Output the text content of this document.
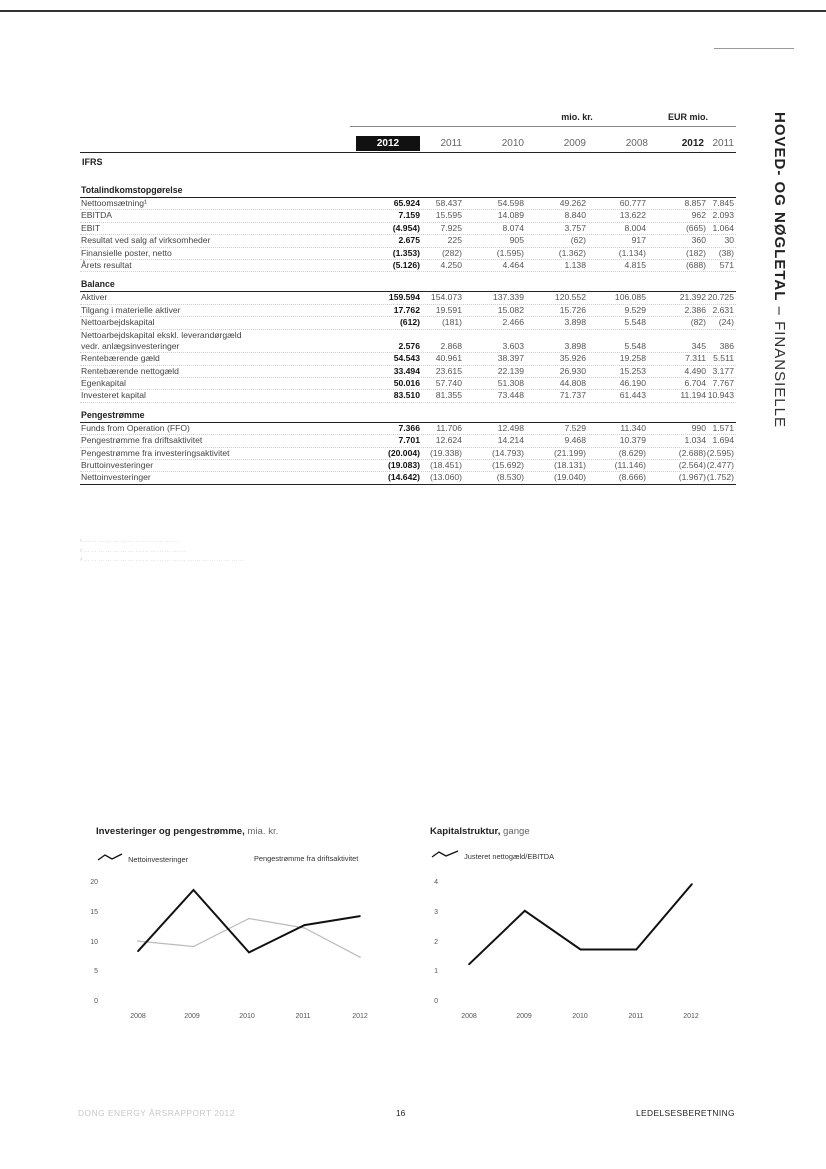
HOVED- OG NØGLETAL – FINANSIELLE
mio. kr.	EUR mio.
2012	2011	2010	2009	2008	2012 2011
IFRS
Totalindkomstopgørelse
Nettoomsætning¹	65.924	58.437	54.598	49.262	60.777	8.857 7.845
EBITDA	7.159	15.595	14.089	8.840	13.622	962 2.093
EBIT	(4.954)	7.925	8.074	3.757	8.004	(665) 1.064
Resultat ved salg af virksomheder	2.675	225	905	(62)	917	360	30
Finansielle poster, netto	(1.353)	(282)	(1.595)	(1.362)	(1.134)	(182)	(38)
Årets resultat	(5.126)	4.250	4.464	1.138	4.815	(688)	571
Balance
Aktiver	159.594	154.073	137.339	120.552	106.085	21.392 20.725
Tilgang i materielle aktiver	17.762	19.591	15.082	15.726	9.529	2.386 2.631
Nettoarbejdskapital	(612)	(181)	2.466	3.898	5.548	(82)	(24)
Nettoarbejdskapital ekskl. leverandørgæld
vedr. anlægsinvesteringer	2.576	2.868	3.603	3.898	5.548	345	386
Rentebærende gæld	54.543	40.961	38.397	35.926	19.258	7.311 5.511
Rentebærende nettogæld	33.494	23.615	22.139	26.930	15.253	4.490 3.177
Egenkapital	50.016	57.740	51.308	44.808	46.190	6.704 7.767
Investeret kapital	83.510	81.355	73.448	71.737	61.443	11.194 10.943
Pengestrømme
Funds from Operation (FFO)	7.366	11.706	12.498	7.529	11.340	990 1.571
Pengestrømme fra driftsaktivitet	7.701	12.624	14.214	9.468	10.379	1.034 1.694
Pengestrømme fra investeringsaktivitet	(20.004)	(19.338)	(14.793)	(21.199)	(8.629)	(2.688) (2.595)
Bruttoinvesteringer	(19.083)	(18.451)	(15.692)	(18.131)	(11.146)	(2.564) (2.477)
Nettoinvesteringer	(14.642)	(13.060)	(8.530)	(19.040)	(8.666)	(1.967) (1.752)
¹ ··· ··· ··· ··· ··· ··· ··· ··· ··· ··· ··· ··· ···
² ··· ··· ··· ··· ··· ··· ··· ··· ··· ··· ··· ··· ··· ···
³ ··· ··· ··· ··· ··· ··· ··· ··· ··· ··· ··· ··· ··· ··· ··· ··· ··· ··· ··· ··· ··· ···
Investeringer og pengestrømme, mia. kr.
Nettoinvesteringer	Pengestrømme fra driftsaktivitet
20
15
10
5
0
2008	2009	2010	2011	2012
Kapitalstruktur, gange
Justeret nettogæld/EBITDA
4
3
2
1
0
2008	2009	2010	2011	2012
DONG ENERGY ÅRSRAPPORT 2012	16	LEDELSESBERETNING
